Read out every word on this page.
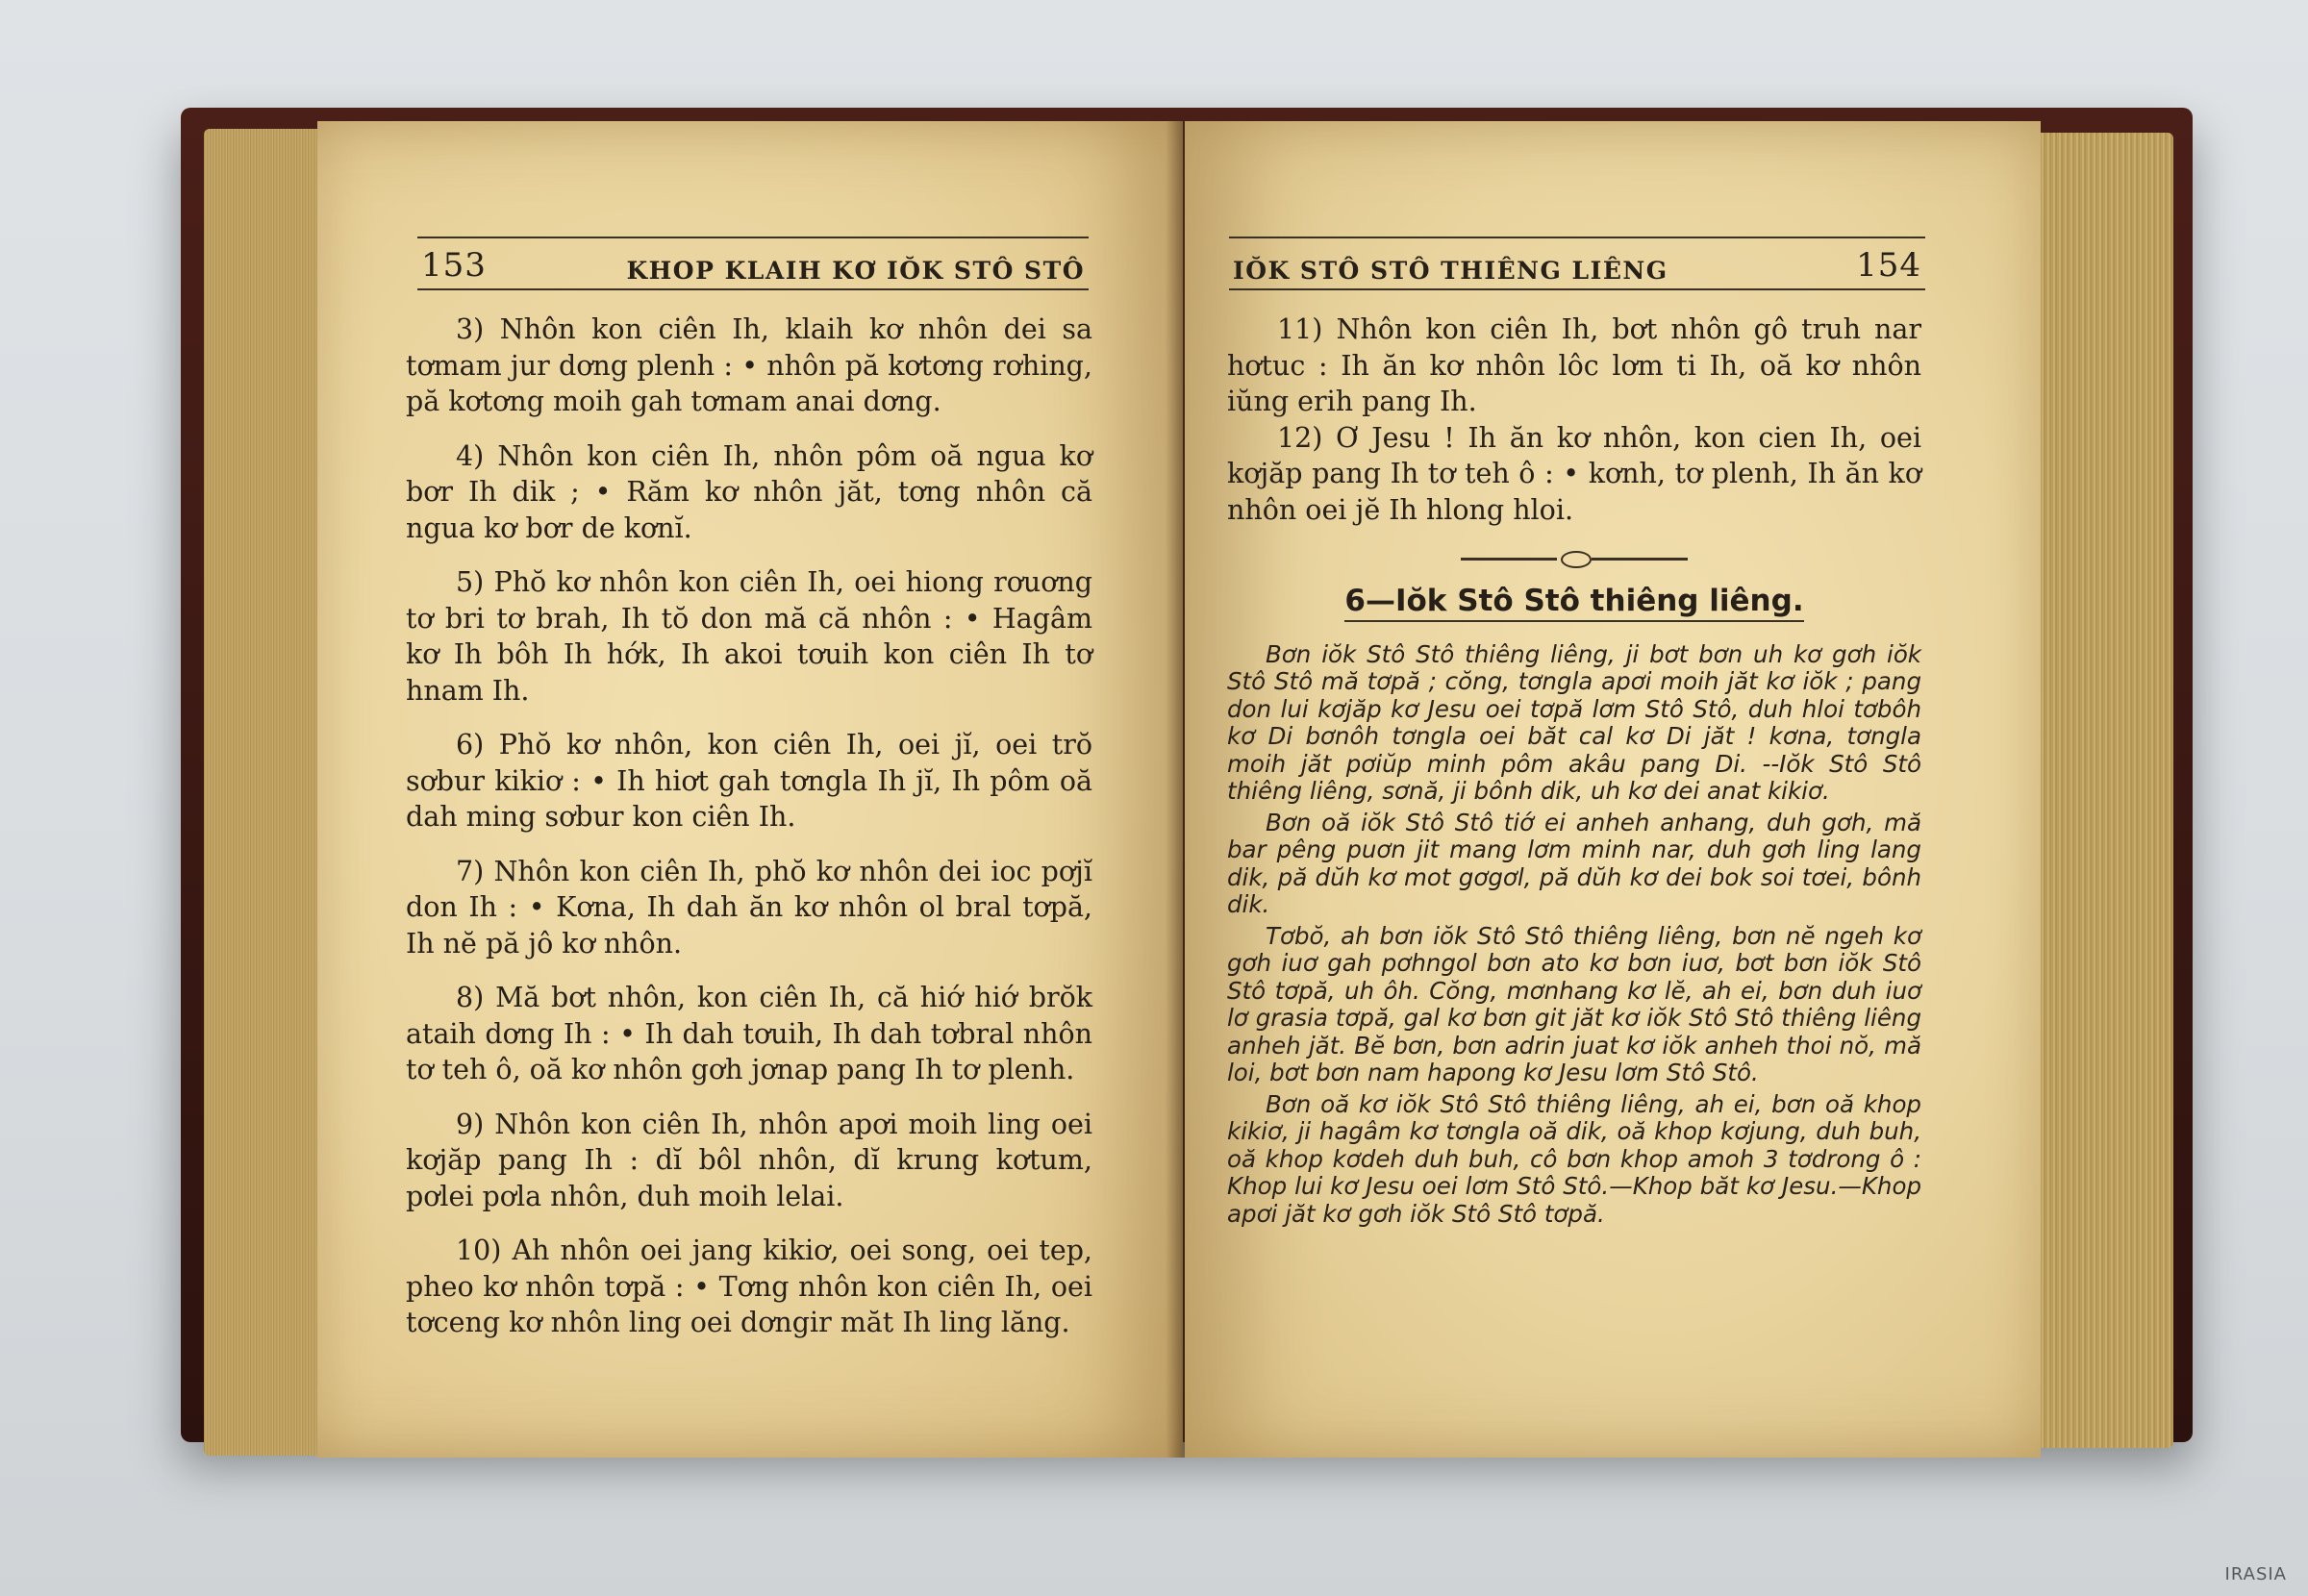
153	KHOP KLAIH KƠ IŎK STÔ STÔ

3) Nhôn kon ciên Ih, klaih kơ nhôn dei sa tơmam jur dơng plenh : • nhôn pă kơtơng rơhing, pă kơtơng moih gah tơmam anai dơng.

4) Nhôn kon ciên Ih, nhôn pôm oă ngua kơ bơr Ih dik ; • Răm kơ nhôn jăt, tơng nhôn că ngua kơ bơr de kơnĭ.

5) Phŏ kơ nhôn kon ciên Ih, oei hiong rơuơng tơ bri tơ brah, Ih tŏ don mă că nhôn : • Hagâm kơ Ih bôh Ih hớk, Ih akoi tơuih kon ciên Ih tơ hnam Ih.

6) Phŏ kơ nhôn, kon ciên Ih, oei jĭ, oei trŏ sơbur kikiơ : • Ih hiơt gah tơngla Ih jĭ, Ih pôm oă dah ming sơbur kon ciên Ih.

7) Nhôn kon ciên Ih, phŏ kơ nhôn dei ioc pơjĭ don Ih : • Kơna, Ih dah ăn kơ nhôn ol bral tơpă, Ih nĕ pă jô kơ nhôn.

8) Mă bơt nhôn, kon ciên Ih, că hiớ hiớ brŏk ataih dơng Ih : • Ih dah tơuih, Ih dah tơbral nhôn tơ teh ô, oă kơ nhôn gơh jơnap pang Ih tơ plenh.

9) Nhôn kon ciên Ih, nhôn apơi moih ling oei kơjăp pang Ih : dĭ bôl nhôn, dĭ krung kơtum, pơlei pơla nhôn, duh moih lelai.

10) Ah nhôn oei jang kikiơ, oei song, oei tep, pheo kơ nhôn tơpă : • Tơng nhôn kon ciên Ih, oei tơceng kơ nhôn ling oei dơngir măt Ih ling lăng.

IŎK STÔ STÔ THIÊNG LIÊNG	154

11) Nhôn kon ciên Ih, bơt nhôn gô truh nar hơtuc : Ih ăn kơ nhôn lôc lơm ti Ih, oă kơ nhôn iŭng erih pang Ih.

12) Ơ Jesu ! Ih ăn kơ nhôn, kon cien Ih, oei kơjăp pang Ih tơ teh ô : • kơnh, tơ plenh, Ih ăn kơ nhôn oei jĕ Ih hlong hloi.

6—Iŏk Stô Stô thiêng liêng.

Bơn iŏk Stô Stô thiêng liêng, ji bơt bơn uh kơ gơh iŏk Stô Stô mă tơpă ; cŏng, tơngla apơi moih jăt kơ iŏk ; pang don lui kơjăp kơ Jesu oei tơpă lơm Stô Stô, duh hloi tơbôh kơ Di bơnôh tơngla oei băt cal kơ Di jăt ! kơna, tơngla moih jăt pơiŭp minh pôm akâu pang Di. --Iŏk Stô Stô thiêng liêng, sơnă, ji bônh dik, uh kơ dei anat kikiơ.

Bơn oă iŏk Stô Stô tiớ ei anheh anhang, duh gơh, mă bar pêng puơn jit mang lơm minh nar, duh gơh ling lang dik, pă dŭh kơ mot gơgơl, pă dŭh kơ dei bok soi tơei, bônh dik.

Tơbŏ, ah bơn iŏk Stô Stô thiêng liêng, bơn nĕ ngeh kơ gơh iuơ gah pơhngol bơn ato kơ bơn iuơ, bơt bơn iŏk Stô Stô tơpă, uh ôh. Cŏng, mơnhang kơ lĕ, ah ei, bơn duh iuơ lơ grasia tơpă, gal kơ bơn git jăt kơ iŏk Stô Stô thiêng liêng anheh jăt. Bĕ bơn, bơn adrin juat kơ iŏk anheh thoi nŏ, mă loi, bơt bơn nam hapong kơ Jesu lơm Stô Stô.

Bơn oă kơ iŏk Stô Stô thiêng liêng, ah ei, bơn oă khop kikiơ, ji hagâm kơ tơngla oă dik, oă khop kơjung, duh buh, oă khop kơdeh duh buh, cô bơn khop amoh 3 tơdrong ô : Khop lui kơ Jesu oei lơm Stô Stô.—Khop băt kơ Jesu.—Khop apơi jăt kơ gơh iŏk Stô Stô tơpă.

IRASIA
